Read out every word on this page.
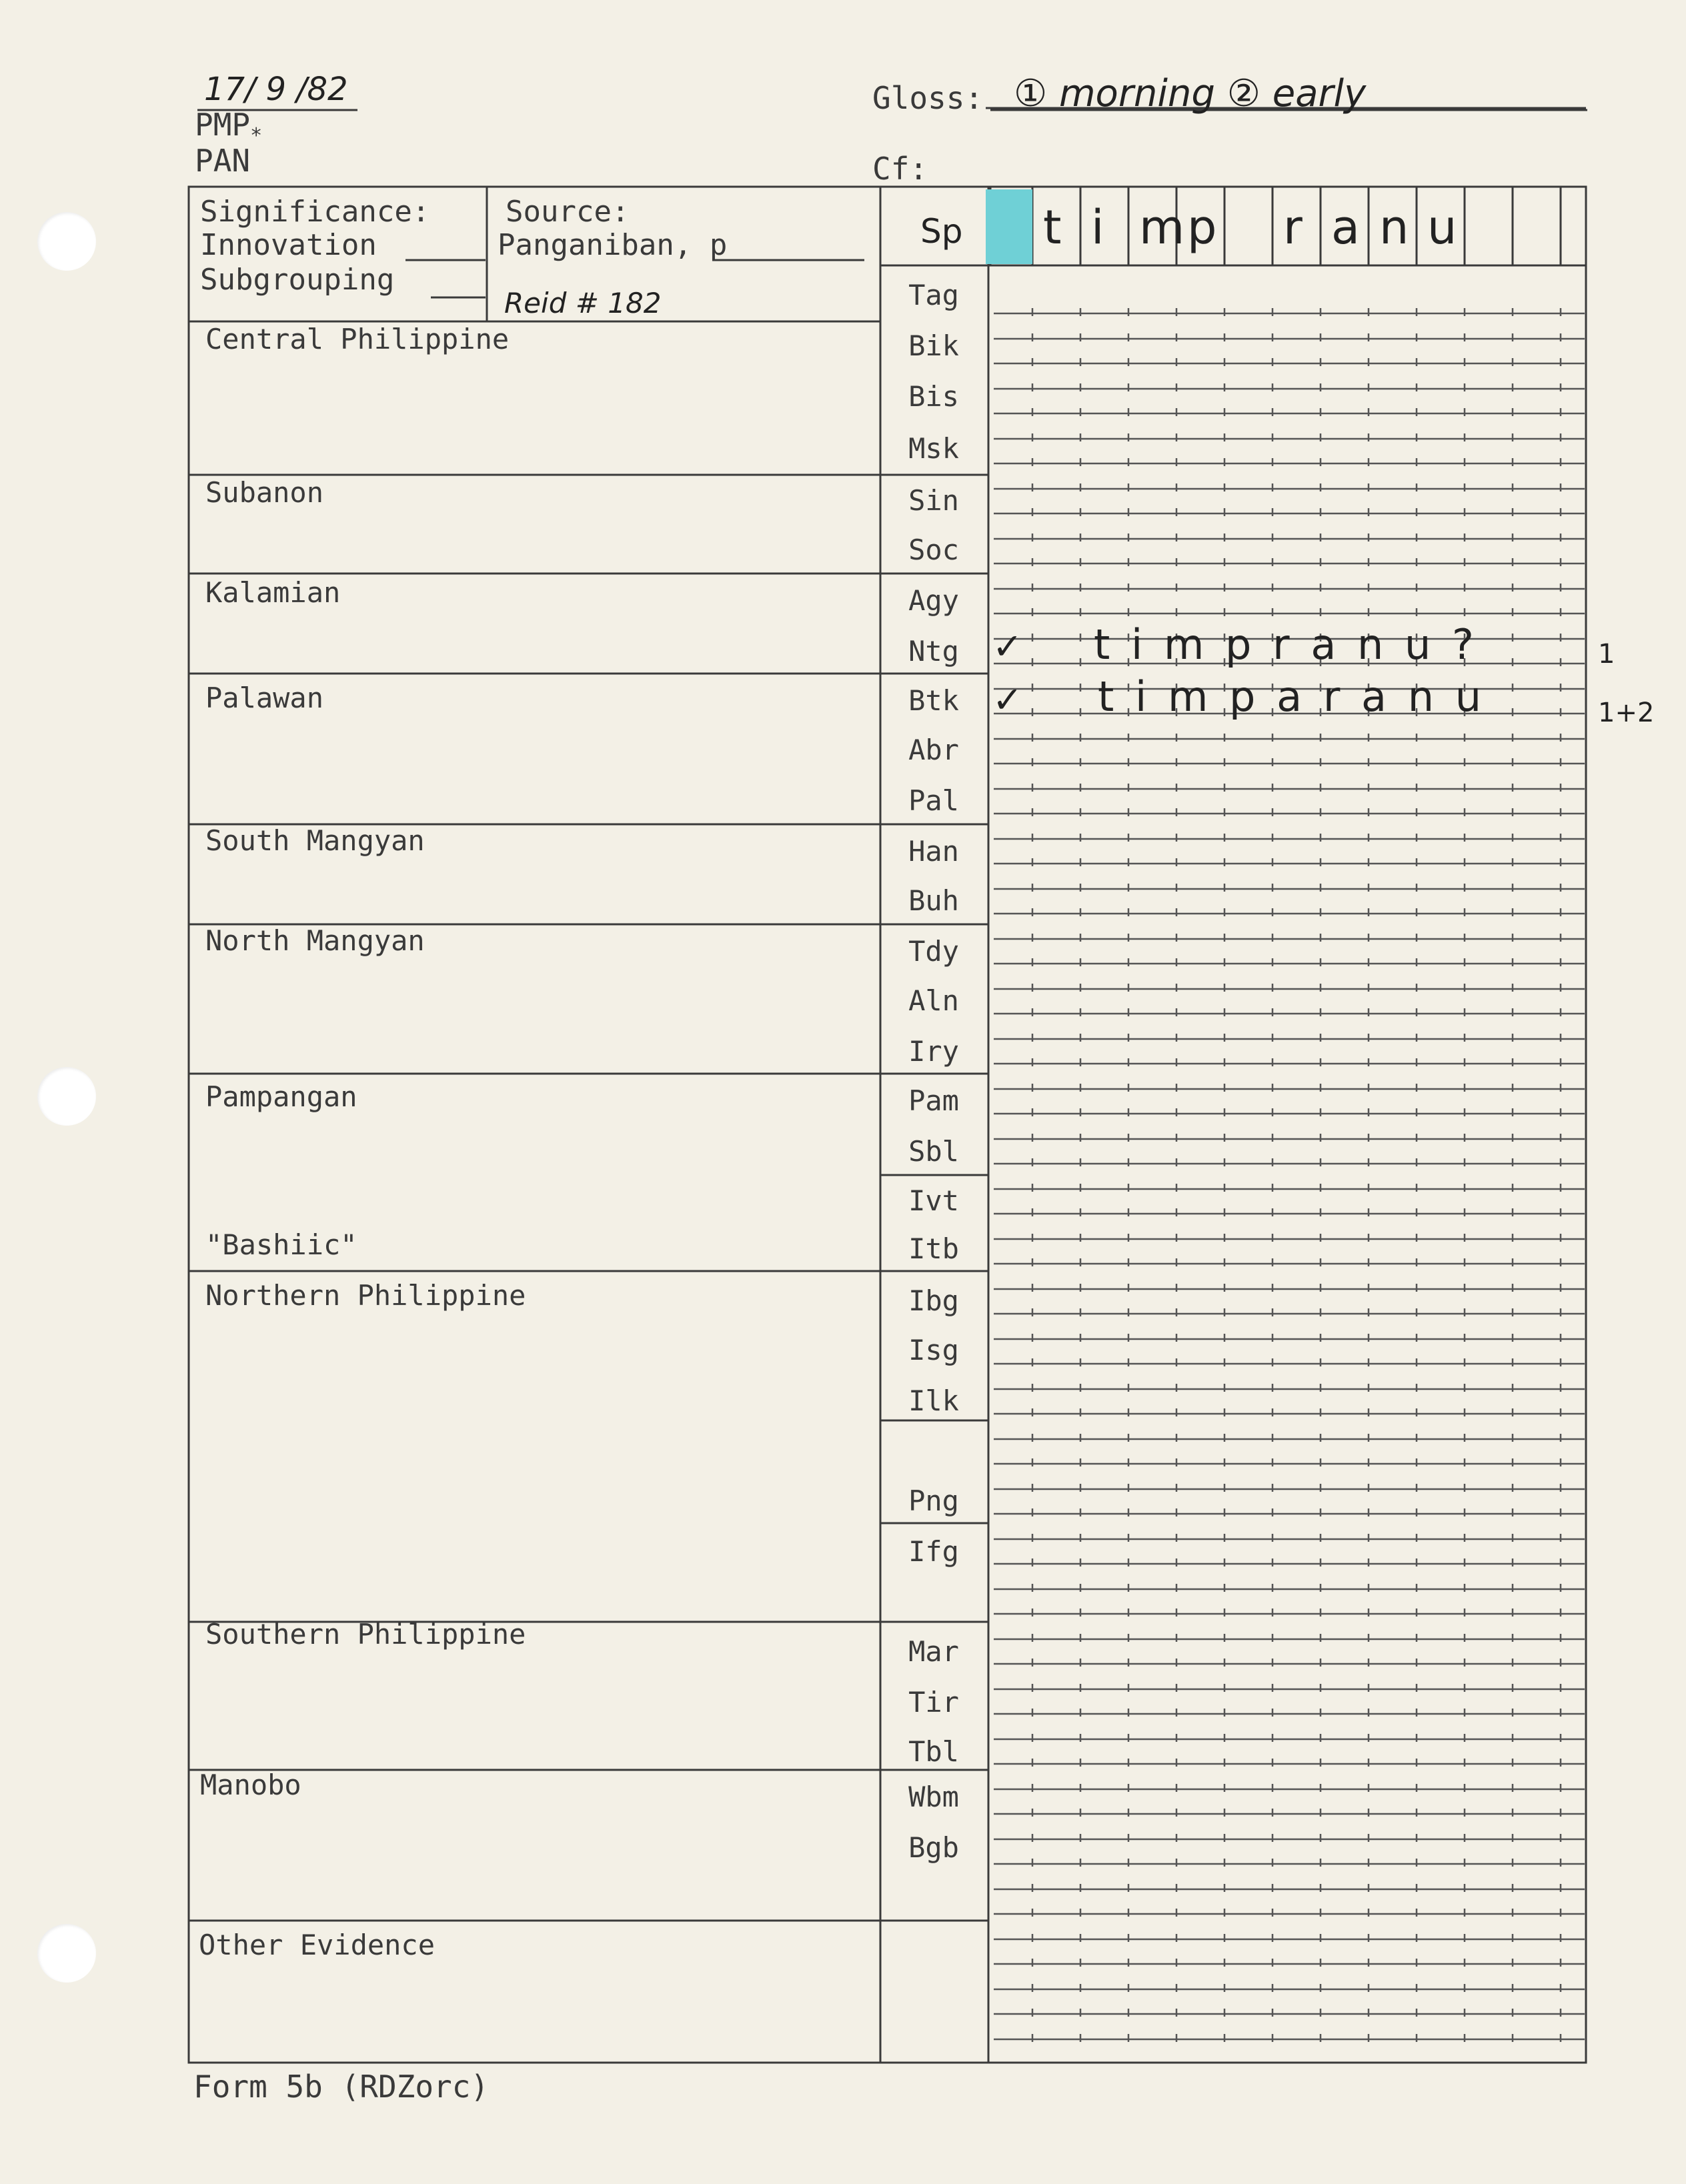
17/ 9 /82
$PMP_*$
PAN
Gloss: ① morning ② early
Cf:
Significance:
Innovation
Subgrouping
Source:
Panganiban, p
Reid # 182
Sp t i m p r a n u
Central Philippine
Subanon
Kalamian
Palawan
South Mangyan
North Mangyan
Pampangan
"Bashiic"
Northern Philippine
Southern Philippine
Manobo
Other Evidence
Tag
Bik
Bis
Msk
Sin
Soc
Agy
Ntg
Btk
Abr
Pal
Han
Buh
Tdy
Aln
Iry
Pam
Sbl
Ivt
Itb
Ibg
Isg
Ilk
Png
Ifg
Mar
Tir
Tbl
Wbm
Bgb
✓ t i m p r a n u ?	1
✓ t i m p a r a n u	1+2
Form 5b (RDZorc)
